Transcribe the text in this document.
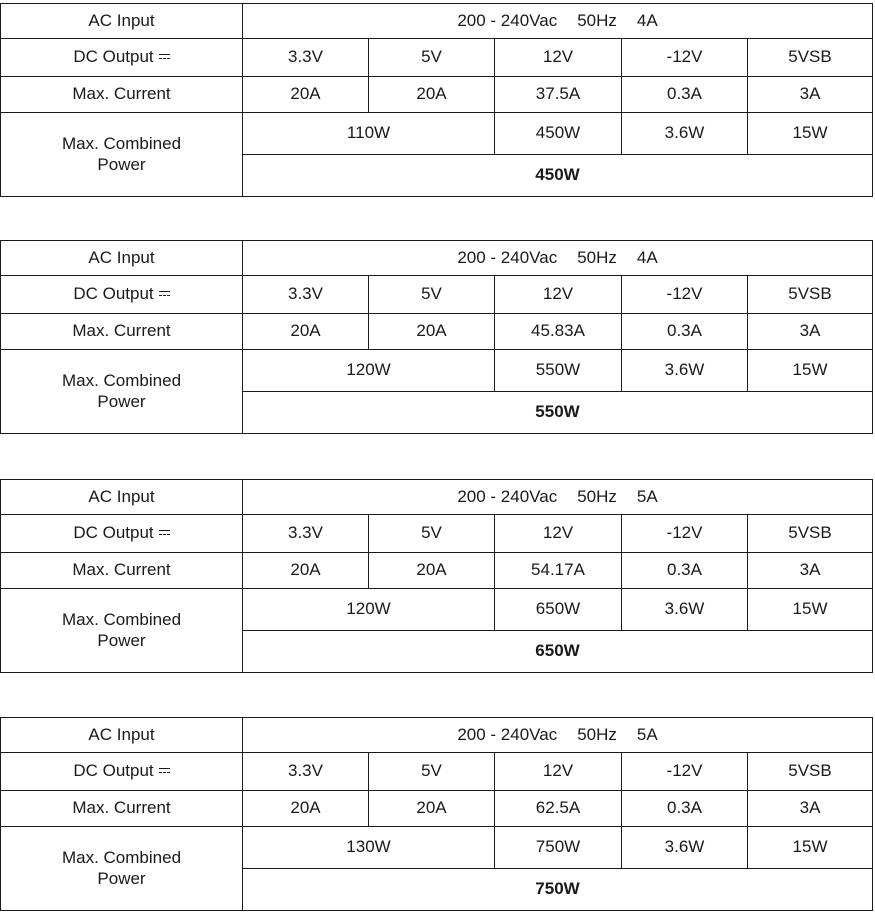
AC Input	200 - 240Vac 50Hz 4A				
DC Output	3.3V	5V	12V	-12V	5VSB
Max. Current	20A	20A	37.5A	0.3A	3A

Max. Combined
Power	110W		450W	3.6W	15W
	450W				
AC Input	200 - 240Vac 50Hz 4A				
DC Output	3.3V	5V	12V	-12V	5VSB
Max. Current	20A	20A	45.83A	0.3A	3A

Max. Combined
Power	120W		550W	3.6W	15W
	550W				
AC Input	200 - 240Vac 50Hz 5A				
DC Output	3.3V	5V	12V	-12V	5VSB
Max. Current	20A	20A	54.17A	0.3A	3A

Max. Combined
Power	120W		650W	3.6W	15W
	650W				
AC Input	200 - 240Vac 50Hz 5A				
DC Output	3.3V	5V	12V	-12V	5VSB
Max. Current	20A	20A	62.5A	0.3A	3A

Max. Combined
Power	130W		750W	3.6W	15W
	750W				
